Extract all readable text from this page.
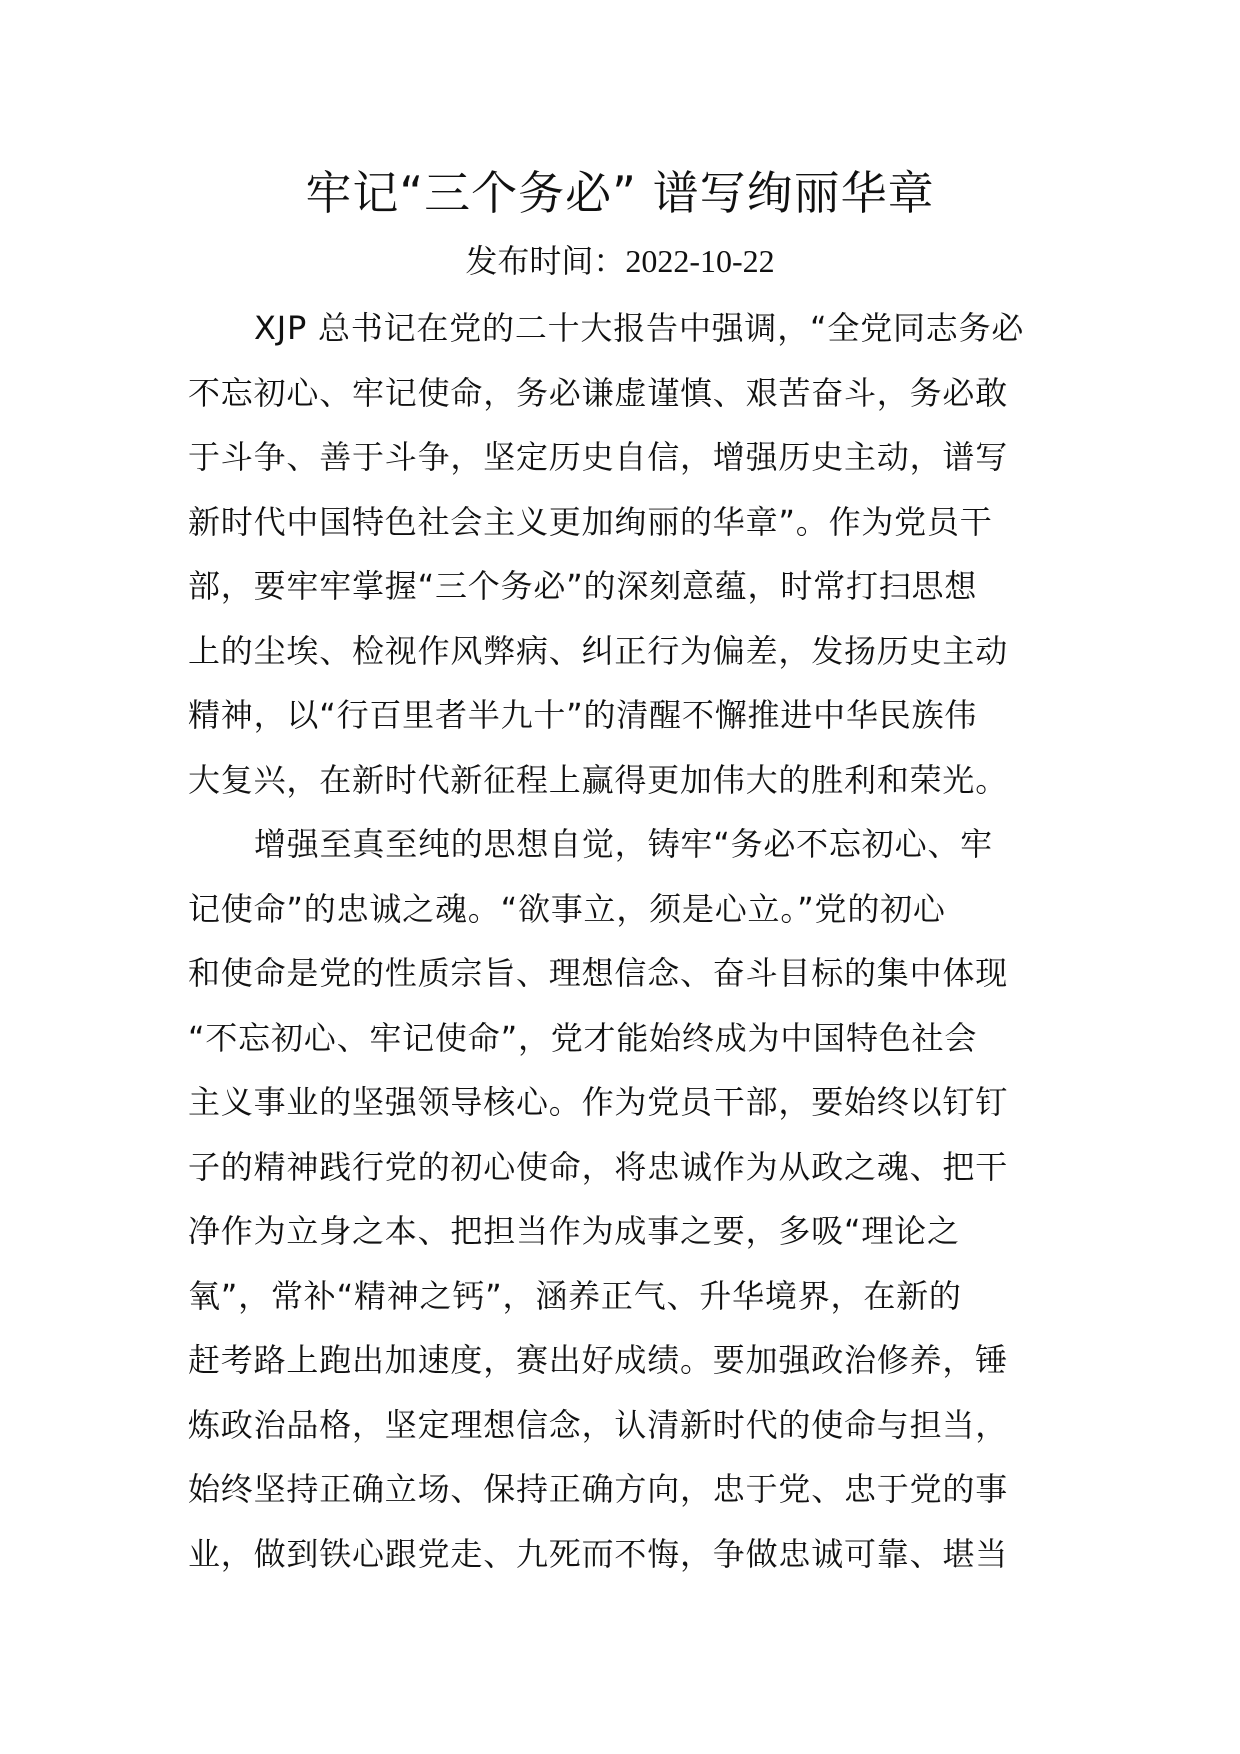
牢记“三个务必” 谱写绚丽华章
发布时间：2022-10-22
XJP 总书记在党的二十大报告中强调，“全党同志务必
不忘初心、牢记使命，务必谦虚谨慎、艰苦奋斗，务必敢
于斗争、善于斗争，坚定历史自信，增强历史主动，谱写
新时代中国特色社会主义更加绚丽的华章”。作为党员干
部，要牢牢掌握“三个务必”的深刻意蕴，时常打扫思想
上的尘埃、检视作风弊病、纠正行为偏差，发扬历史主动
精神，以“行百里者半九十”的清醒不懈推进中华民族伟
大复兴，在新时代新征程上赢得更加伟大的胜利和荣光。
增强至真至纯的思想自觉，铸牢“务必不忘初心、牢
记使命”的忠诚之魂。“欲事立，须是心立。”党的初心
和使命是党的性质宗旨、理想信念、奋斗目标的集中体现
“不忘初心、牢记使命”，党才能始终成为中国特色社会
主义事业的坚强领导核心。作为党员干部，要始终以钉钉
子的精神践行党的初心使命，将忠诚作为从政之魂、把干
净作为立身之本、把担当作为成事之要，多吸“理论之
氧”，常补“精神之钙”，涵养正气、升华境界，在新的
赶考路上跑出加速度，赛出好成绩。要加强政治修养，锤
炼政治品格，坚定理想信念，认清新时代的使命与担当，
始终坚持正确立场、保持正确方向，忠于党、忠于党的事
业，做到铁心跟党走、九死而不悔，争做忠诚可靠、堪当
